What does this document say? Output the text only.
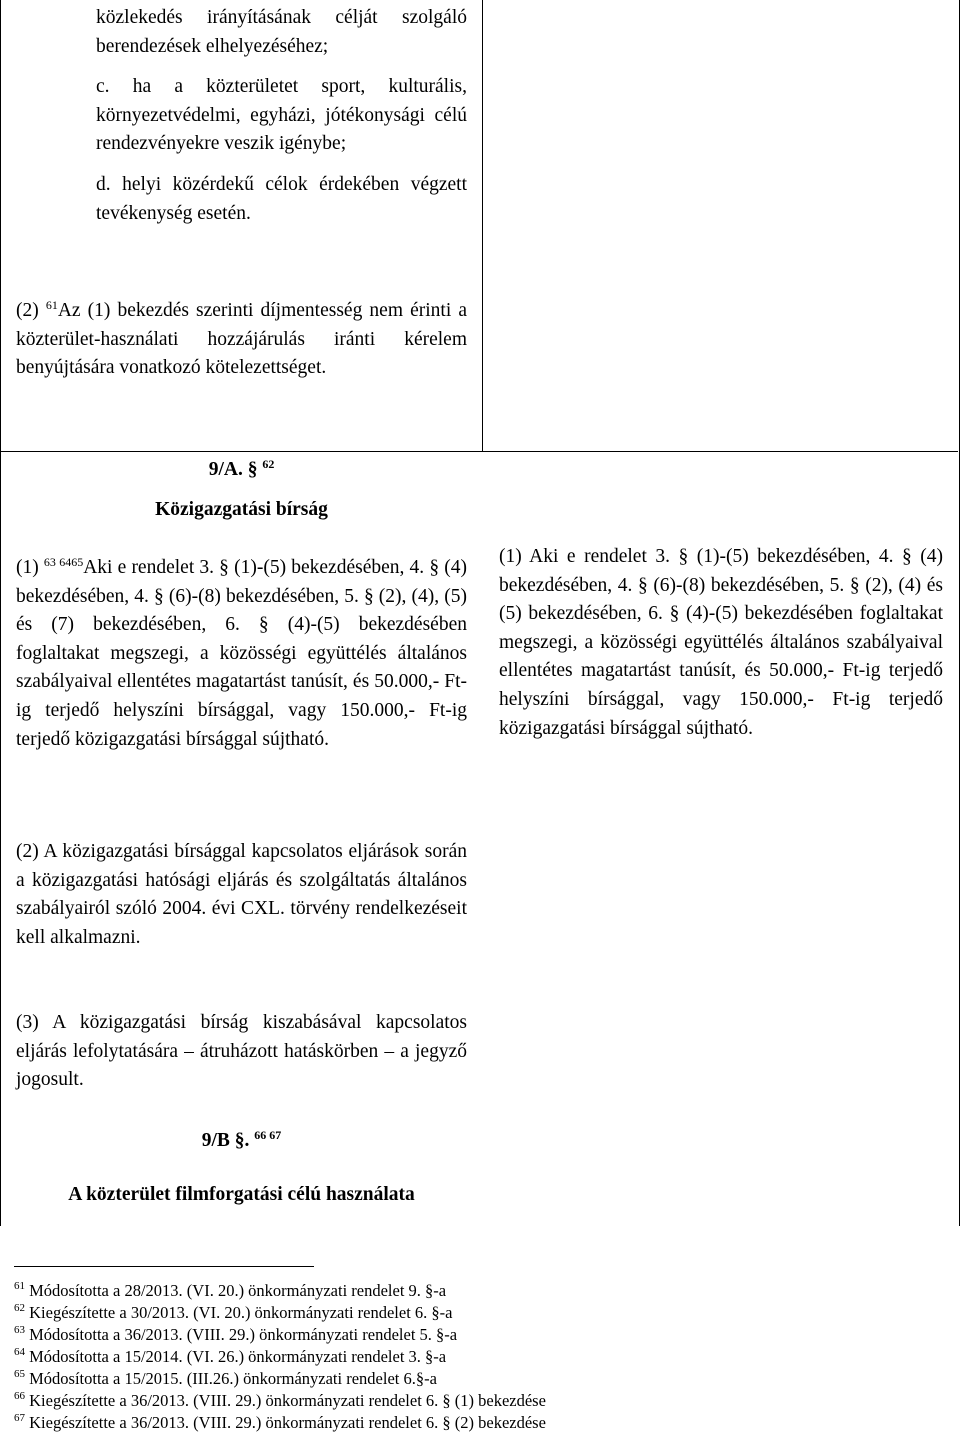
közlekedés irányításának célját szolgáló berendezések elhelyezéséhez;

c. ha a közterületet sport, kulturális, környezetvédelmi, egyházi, jótékonysági célú rendezvényekre veszik igénybe;

d. helyi közérdekű célok érdekében végzett tevékenység esetén.

(2) $^{61}$Az (1) bekezdés szerinti díjmentesség nem érinti a közterület-használati hozzájárulás iránti kérelem benyújtására vonatkozó kötelezettséget.

9/A. § $^{62}$
Közigazgatási bírság

(1) $^{63 6465}$Aki e rendelet 3. § (1)-(5) bekezdésében, 4. § (4) bekezdésében, 4. § (6)-(8) bekezdésében, 5. § (2), (4), (5) és (7) bekezdésében, 6. § (4)-(5) bekezdésében foglaltakat megszegi, a közösségi együttélés általános szabályaival ellentétes magatartást tanúsít, és 50.000,- Ft-ig terjedő helyszíni bírsággal, vagy 150.000,- Ft-ig terjedő közigazgatási bírsággal sújtható.

(1) Aki e rendelet 3. § (1)-(5) bekezdésében, 4. § (4) bekezdésében, 4. § (6)-(8) bekezdésében, 5. § (2), (4) és (5) bekezdésében, 6. § (4)-(5) bekezdésében foglaltakat megszegi, a közösségi együttélés általános szabályaival ellentétes magatartást tanúsít, és 50.000,- Ft-ig terjedő helyszíni bírsággal, vagy 150.000,- Ft-ig terjedő közigazgatási bírsággal sújtható.
(2) A közigazgatási bírsággal kapcsolatos eljárások során a közigazgatási hatósági eljárás és szolgáltatás általános szabályairól szóló 2004. évi CXL. törvény rendelkezéseit kell alkalmazni.
(3) A közigazgatási bírság kiszabásával kapcsolatos eljárás lefolytatására – átruházott hatáskörben – a jegyző jogosult.
9/B §. $^{66 67}$
A közterület filmforgatási célú használata
$^{61}$ Módosította a 28/2013. (VI. 20.) önkormányzati rendelet 9. §-a
$^{62}$ Kiegészítette a 30/2013. (VI. 20.) önkormányzati rendelet 6. §-a
$^{63}$ Módosította a 36/2013. (VIII. 29.) önkormányzati rendelet 5. §-a
$^{64}$ Módosította a 15/2014. (VI. 26.) önkormányzati rendelet 3. §-a
$^{65}$ Módosította a 15/2015. (III.26.) önkormányzati rendelet 6.§-a
$^{66}$ Kiegészítette a 36/2013. (VIII. 29.) önkormányzati rendelet 6. § (1) bekezdése
$^{67}$ Kiegészítette a 36/2013. (VIII. 29.) önkormányzati rendelet 6. § (2) bekezdése
